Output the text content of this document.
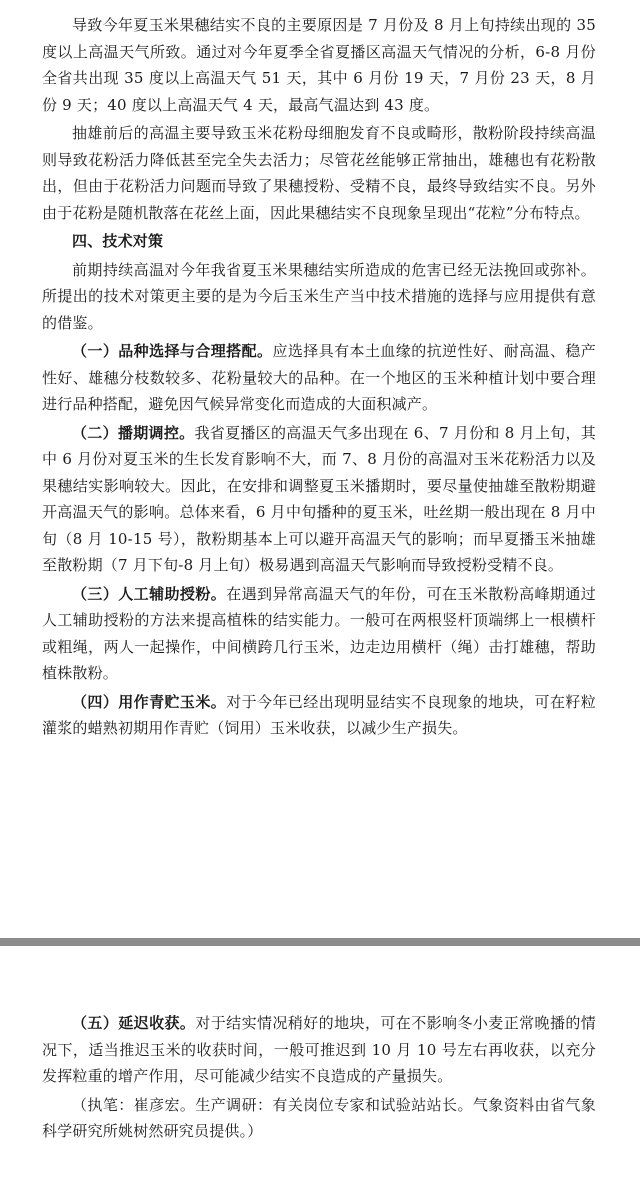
导致今年夏玉米果穗结实不良的主要原因是 7 月份及 8 月上旬持续出现的 35 度以上高温天气所致。通过对今年夏季全省夏播区高温天气情况的分析，6-8 月份全省共出现 35 度以上高温天气 51 天，其中 6 月份 19 天，7 月份 23 天，8 月份 9 天；40 度以上高温天气 4 天，最高气温达到 43 度。

抽雄前后的高温主要导致玉米花粉母细胞发育不良或畸形，散粉阶段持续高温则导致花粉活力降低甚至完全失去活力；尽管花丝能够正常抽出，雄穗也有花粉散出，但由于花粉活力问题而导致了果穗授粉、受精不良，最终导致结实不良。另外由于花粉是随机散落在花丝上面，因此果穗结实不良现象呈现出“花粒”分布特点。

四、技术对策

前期持续高温对今年我省夏玉米果穗结实所造成的危害已经无法挽回或弥补。所提出的技术对策更主要的是为今后玉米生产当中技术措施的选择与应用提供有意的借鉴。

（一）品种选择与合理搭配。应选择具有本土血缘的抗逆性好、耐高温、稳产性好、雄穗分枝数较多、花粉量较大的品种。在一个地区的玉米种植计划中要合理进行品种搭配，避免因气候异常变化而造成的大面积减产。

（二）播期调控。我省夏播区的高温天气多出现在 6、7 月份和 8 月上旬，其中 6 月份对夏玉米的生长发育影响不大，而 7、8 月份的高温对玉米花粉活力以及果穗结实影响较大。因此，在安排和调整夏玉米播期时，要尽量使抽雄至散粉期避开高温天气的影响。总体来看，6 月中旬播种的夏玉米，吐丝期一般出现在 8 月中旬（8 月 10-15 号），散粉期基本上可以避开高温天气的影响；而早夏播玉米抽雄至散粉期（7 月下旬-8 月上旬）极易遇到高温天气影响而导致授粉受精不良。

（三）人工辅助授粉。在遇到异常高温天气的年份，可在玉米散粉高峰期通过人工辅助授粉的方法来提高植株的结实能力。一般可在两根竖杆顶端绑上一根横杆或粗绳，两人一起操作，中间横跨几行玉米，边走边用横杆（绳）击打雄穗，帮助植株散粉。

（四）用作青贮玉米。对于今年已经出现明显结实不良现象的地块，可在籽粒灌浆的蜡熟初期用作青贮（饲用）玉米收获，以减少生产损失。

（五）延迟收获。对于结实情况稍好的地块，可在不影响冬小麦正常晚播的情况下，适当推迟玉米的收获时间，一般可推迟到 10 月 10 号左右再收获，以充分发挥粒重的增产作用，尽可能减少结实不良造成的产量损失。

（执笔：崔彦宏。生产调研：有关岗位专家和试验站站长。气象资料由省气象科学研究所姚树然研究员提供。）
